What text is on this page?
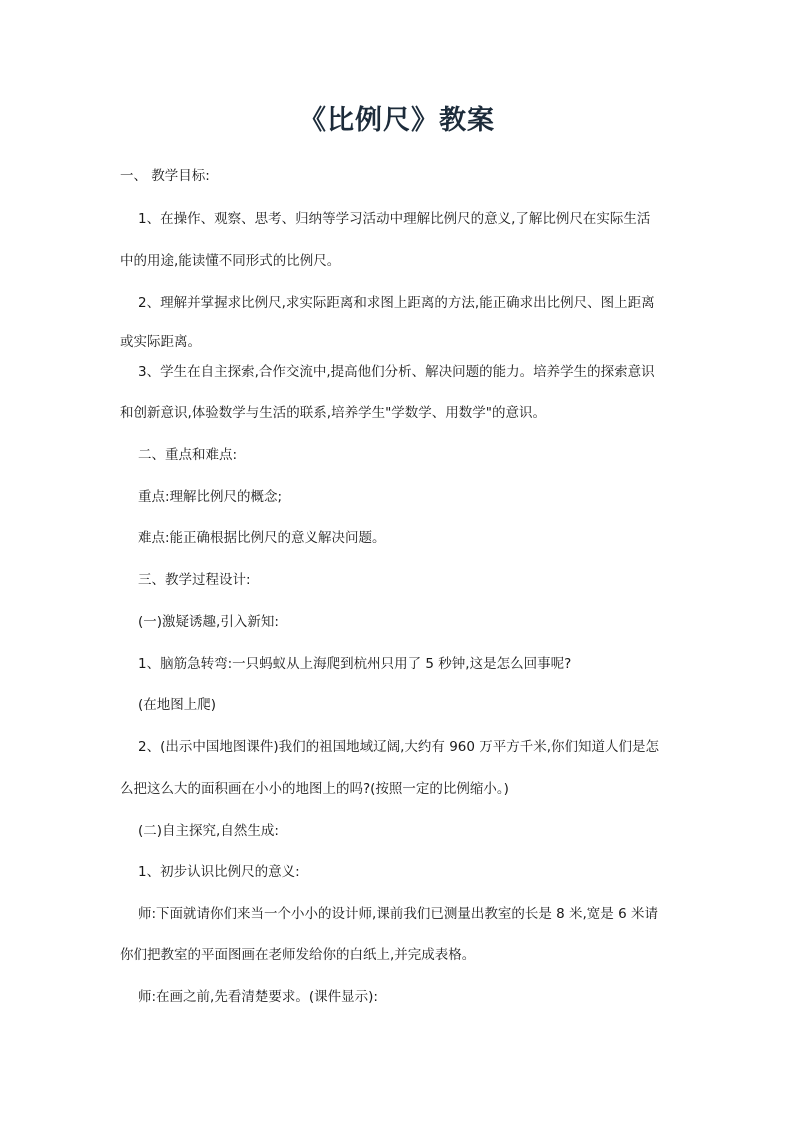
《比例尺》教案

一、 教学目标:

1、在操作、观察、思考、归纳等学习活动中理解比例尺的意义,了解比例尺在实际生活

中的用途,能读懂不同形式的比例尺。

2、理解并掌握求比例尺,求实际距离和求图上距离的方法,能正确求出比例尺、图上距离

或实际距离。

3、学生在自主探索,合作交流中,提高他们分析、解决问题的能力。培养学生的探索意识

和创新意识,体验数学与生活的联系,培养学生"学数学、用数学"的意识。

二、重点和难点:

重点:理解比例尺的概念;

难点:能正确根据比例尺的意义解决问题。

三、教学过程设计:

(一)激疑诱趣,引入新知:

1、脑筋急转弯:一只蚂蚁从上海爬到杭州只用了 5 秒钟,这是怎么回事呢?

(在地图上爬)

2、(出示中国地图课件)我们的祖国地域辽阔,大约有 960 万平方千米,你们知道人们是怎

么把这么大的面积画在小小的地图上的吗?(按照一定的比例缩小。)

(二)自主探究,自然生成:

1、初步认识比例尺的意义:

师:下面就请你们来当一个小小的设计师,课前我们已测量出教室的长是 8 米,宽是 6 米请

你们把教室的平面图画在老师发给你的白纸上,并完成表格。

师:在画之前,先看清楚要求。(课件显示):
